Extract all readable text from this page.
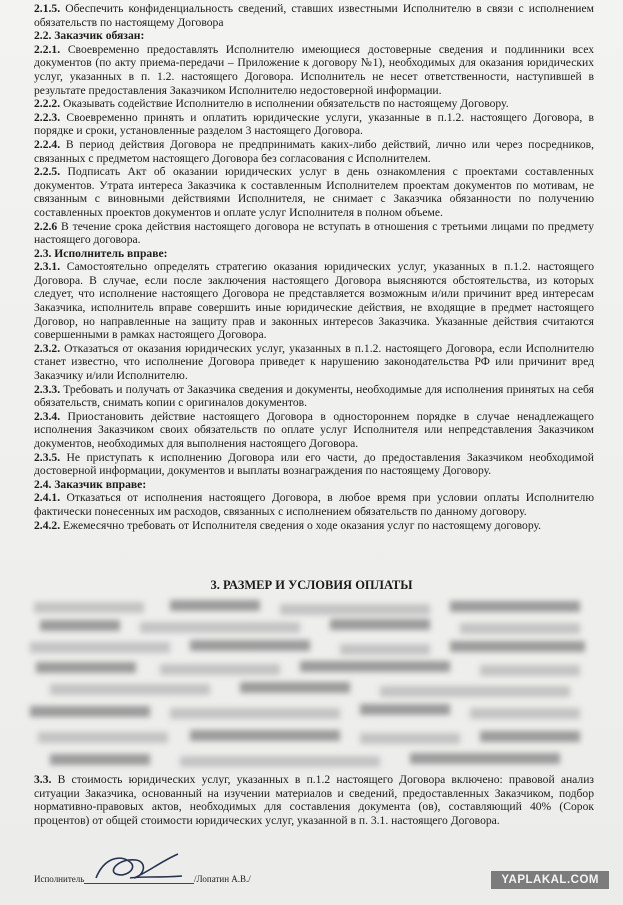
2.1.5. Обеспечить конфиденциальность сведений, ставших известными Исполнителю в связи с исполнением обязательств по настоящему Договора
2.2. Заказчик обязан:
2.2.1. Своевременно предоставлять Исполнителю имеющиеся достоверные сведения и подлинники всех документов (по акту приема-передачи – Приложение к договору №1), необходимых для оказания юридических услуг, указанных в п. 1.2. настоящего Договора. Исполнитель не несет ответственности, наступившей в результате предоставления Заказчиком Исполнителю недостоверной информации.
2.2.2. Оказывать содействие Исполнителю в исполнении обязательств по настоящему Договору.
2.2.3. Своевременно принять и оплатить юридические услуги, указанные в п.1.2. настоящего Договора, в порядке и сроки, установленные разделом 3 настоящего Договора.
2.2.4. В период действия Договора не предпринимать каких-либо действий, лично или через посредников, связанных с предметом настоящего Договора без согласования с Исполнителем.
2.2.5. Подписать Акт об оказании юридических услуг в день ознакомления с проектами составленных документов. Утрата интереса Заказчика к составленным Исполнителем проектам документов по мотивам, не связанным с виновными действиями Исполнителя, не снимает с Заказчика обязанности по получению составленных проектов документов и оплате услуг Исполнителя в полном объеме.
2.2.6 В течение срока действия настоящего договора не вступать в отношения с третьими лицами по предмету настоящего договора.
2.3. Исполнитель вправе:
2.3.1. Самостоятельно определять стратегию оказания юридических услуг, указанных в п.1.2. настоящего Договора. В случае, если после заключения настоящего Договора выясняются обстоятельства, из которых следует, что исполнение настоящего Договора не представляется возможным и/или причинит вред интересам Заказчика, исполнитель вправе совершить иные юридические действия, не входящие в предмет настоящего Договор, но направленные на защиту прав и законных интересов Заказчика. Указанные действия считаются совершенными в рамках настоящего Договора.
2.3.2. Отказаться от оказания юридических услуг, указанных в п.1.2. настоящего Договора, если Исполнителю станет известно, что исполнение Договора приведет к нарушению законодательства РФ или причинит вред Заказчику и/или Исполнителю.
2.3.3. Требовать и получать от Заказчика сведения и документы, необходимые для исполнения принятых на себя обязательств, снимать копии с оригиналов документов.
2.3.4. Приостановить действие настоящего Договора в одностороннем порядке в случае ненадлежащего исполнения Заказчиком своих обязательств по оплате услуг Исполнителя или непредставления Заказчиком документов, необходимых для выполнения настоящего Договора.
2.3.5. Не приступать к исполнению Договора или его части, до предоставления Заказчиком необходимой достоверной информации, документов и выплаты вознаграждения по настоящему Договору.
2.4. Заказчик вправе:
2.4.1. Отказаться от исполнения настоящего Договора, в любое время при условии оплаты Исполнителю фактически понесенных им расходов, связанных с исполнением обязательств по данному договору.
2.4.2. Ежемесячно требовать от Исполнителя сведения о ходе оказания услуг по настоящему договору.
3. РАЗМЕР И УСЛОВИЯ ОПЛАТЫ
3.3. В стоимость юридических услуг, указанных в п.1.2 настоящего Договора включено: правовой анализ ситуации Заказчика, основанный на изучении материалов и сведений, предоставленных Заказчиком, подбор нормативно-правовых актов, необходимых для составления документа (ов), составляющий 40% (Сорок процентов) от общей стоимости юридических услуг, указанной в п. 3.1. настоящего Договора.
Исполнитель	/Лопатин А.В./	YAPLAKAL.COM
